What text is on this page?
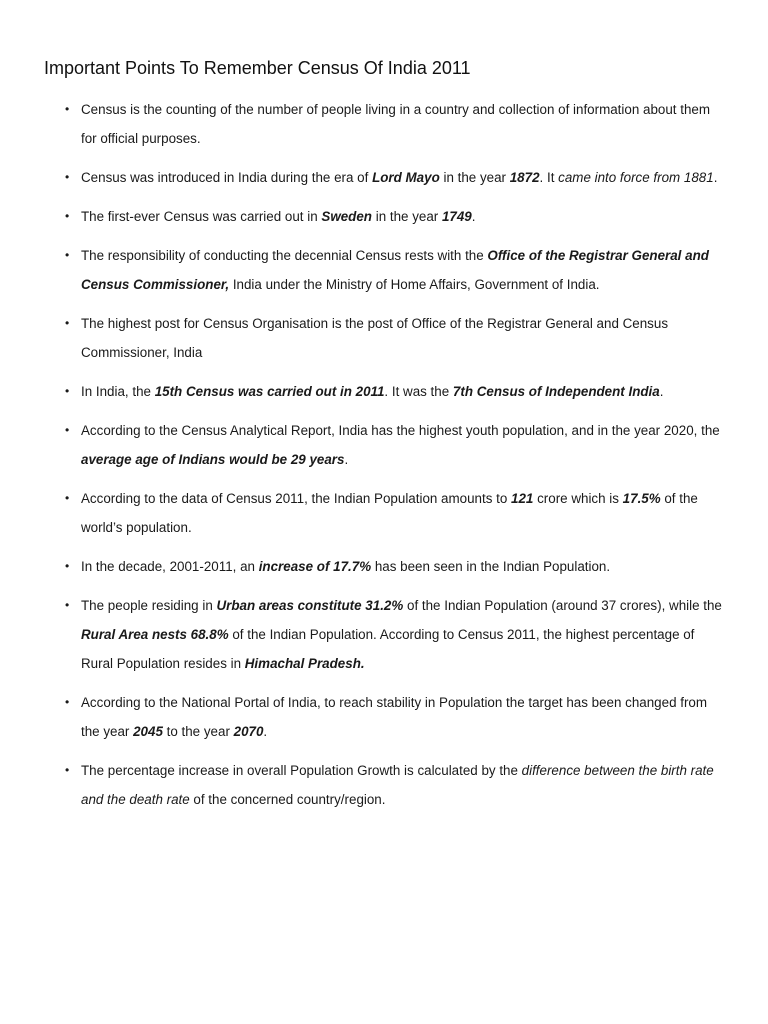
Important Points To Remember Census Of India 2011
• Census is the counting of the number of people living in a country and collection of information about them for official purposes.
• Census was introduced in India during the era of Lord Mayo in the year 1872. It came into force from 1881.
• The first-ever Census was carried out in Sweden in the year 1749.
• The responsibility of conducting the decennial Census rests with the Office of the Registrar General and Census Commissioner, India under the Ministry of Home Affairs, Government of India.
• The highest post for Census Organisation is the post of Office of the Registrar General and Census Commissioner, India
• In India, the 15th Census was carried out in 2011. It was the 7th Census of Independent India.
• According to the Census Analytical Report, India has the highest youth population, and in the year 2020, the average age of Indians would be 29 years.
• According to the data of Census 2011, the Indian Population amounts to 121 crore which is 17.5% of the world’s population.
• In the decade, 2001-2011, an increase of 17.7% has been seen in the Indian Population.
• The people residing in Urban areas constitute 31.2% of the Indian Population (around 37 crores), while the Rural Area nests 68.8% of the Indian Population. According to Census 2011, the highest percentage of Rural Population resides in Himachal Pradesh.
• According to the National Portal of India, to reach stability in Population the target has been changed from the year 2045 to the year 2070.
• The percentage increase in overall Population Growth is calculated by the difference between the birth rate and the death rate of the concerned country/region.
